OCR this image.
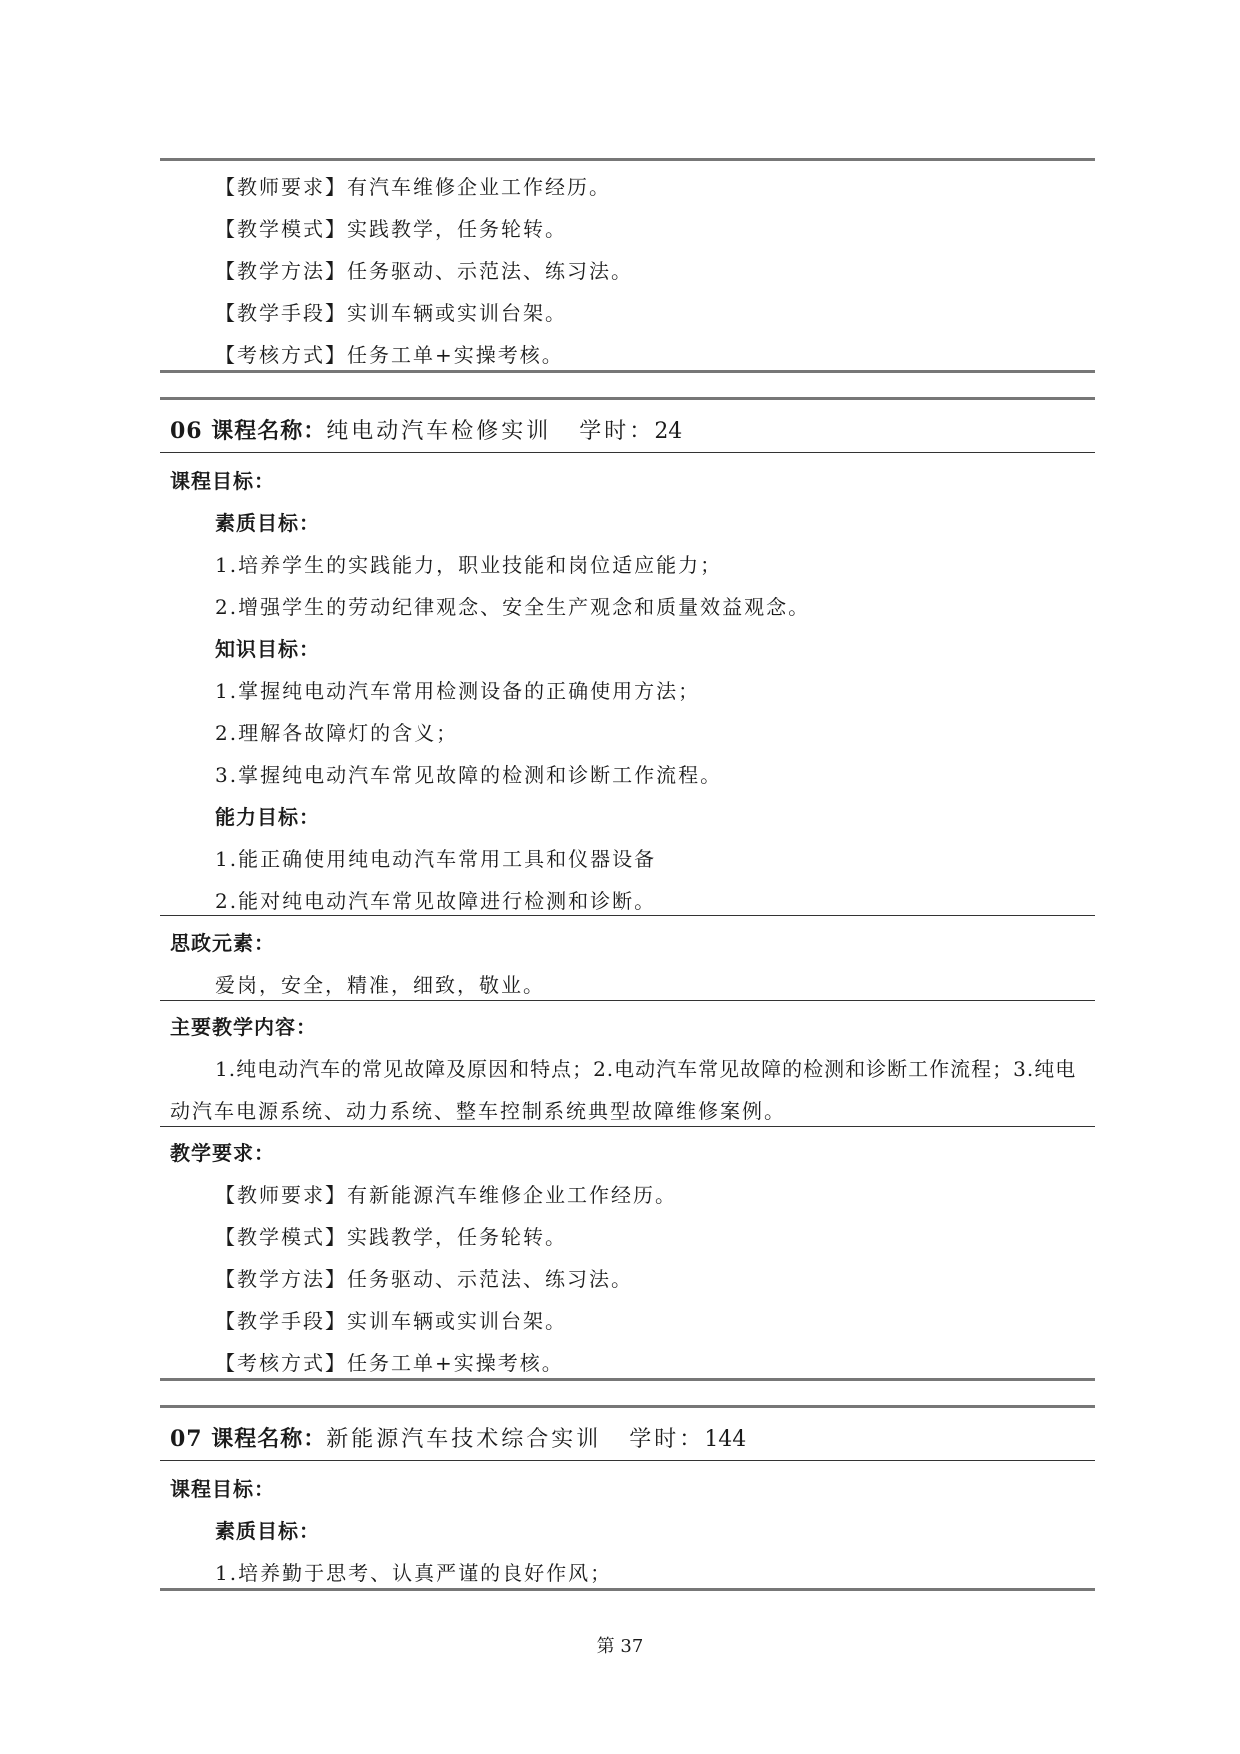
【教师要求】有汽车维修企业工作经历。
【教学模式】实践教学，任务轮转。
【教学方法】任务驱动、示范法、练习法。
【教学手段】实训车辆或实训台架。
【考核方式】任务工单+实操考核。
06 课程名称：纯电动汽车检修实训 学时：24
课程目标：
素质目标：
1.培养学生的实践能力，职业技能和岗位适应能力；
2.增强学生的劳动纪律观念、安全生产观念和质量效益观念。
知识目标：
1.掌握纯电动汽车常用检测设备的正确使用方法；
2.理解各故障灯的含义；
3.掌握纯电动汽车常见故障的检测和诊断工作流程。
能力目标：
1.能正确使用纯电动汽车常用工具和仪器设备
2.能对纯电动汽车常见故障进行检测和诊断。
思政元素：
爱岗，安全，精准，细致，敬业。
主要教学内容：
1.纯电动汽车的常见故障及原因和特点；2.电动汽车常见故障的检测和诊断工作流程；3.纯电
动汽车电源系统、动力系统、整车控制系统典型故障维修案例。
教学要求：
【教师要求】有新能源汽车维修企业工作经历。
【教学模式】实践教学，任务轮转。
【教学方法】任务驱动、示范法、练习法。
【教学手段】实训车辆或实训台架。
【考核方式】任务工单+实操考核。
07 课程名称：新能源汽车技术综合实训 学时：144
课程目标：
素质目标：
1.培养勤于思考、认真严谨的良好作风；
第 37
